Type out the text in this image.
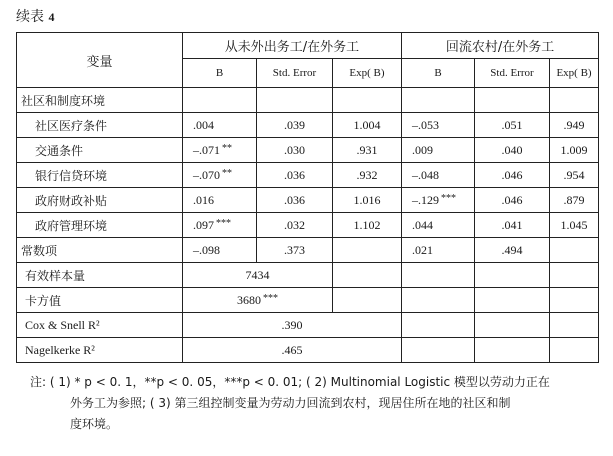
续表 4
变量	从未外出务工/在外务工			回流农村/在外务工		
	B	Std. Error	Exp( B)	B	Std. Error	Exp( B)
社区和制度环境						
社区医疗条件	.004	.039	1.004	–.053	.051	.949
交通条件	–.071 **	.030	.931	.009	.040	1.009
银行信贷环境	–.070 **	.036	.932	–.048	.046	.954
政府财政补贴	.016	.036	1.016	–.129 ***	.046	.879
政府管理环境	.097 ***	.032	1.102	.044	.041	1.045
常数项	–.098	.373		.021	.494	
有效样本量	7434					
卡方值	3680 ***				
Cox & Snell R²	.390					
Nagelkerke R²	.465					
注: ( 1) * p < 0. 1，**p < 0. 05，***p < 0. 01; ( 2) Multinomial Logistic 模型以劳动力正在

外务工为参照; ( 3) 第三组控制变量为劳动力回流到农村，现居住所在地的社区和制
度环境。
